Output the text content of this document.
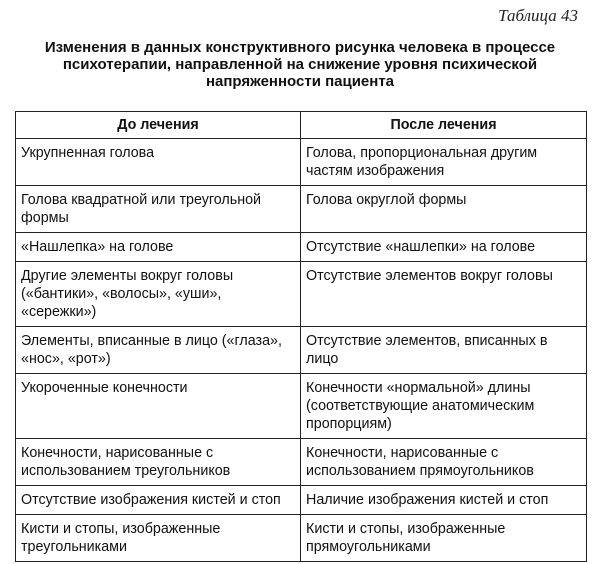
Таблица 43
Изменения в данных конструктивного рисунка человека в процессе
психотерапии, направленной на снижение уровня психической
напряженности пациента
До лечения	После лечения
Укрупненная голова	Голова, пропорциональная другим частям изображения
Голова квадратной или треугольной формы	Голова округлой формы
«Нашлепка» на голове	Отсутствие «нашлепки» на голове
Другие элементы вокруг головы («бантики», «волосы», «уши», «сережки»)	Отсутствие элементов вокруг головы
Элементы, вписанные в лицо («глаза», «нос», «рот»)	Отсутствие элементов, вписанных в лицо
Укороченные конечности	Конечности «нормальной» длины (соответствующие анатомическим пропорциям)
Конечности, нарисованные с использованием треугольников	Конечности, нарисованные с использованием прямоугольников
Отсутствие изображения кистей и стоп	Наличие изображения кистей и стоп
Кисти и стопы, изображенные треугольниками	Кисти и стопы, изображенные прямоугольниками
